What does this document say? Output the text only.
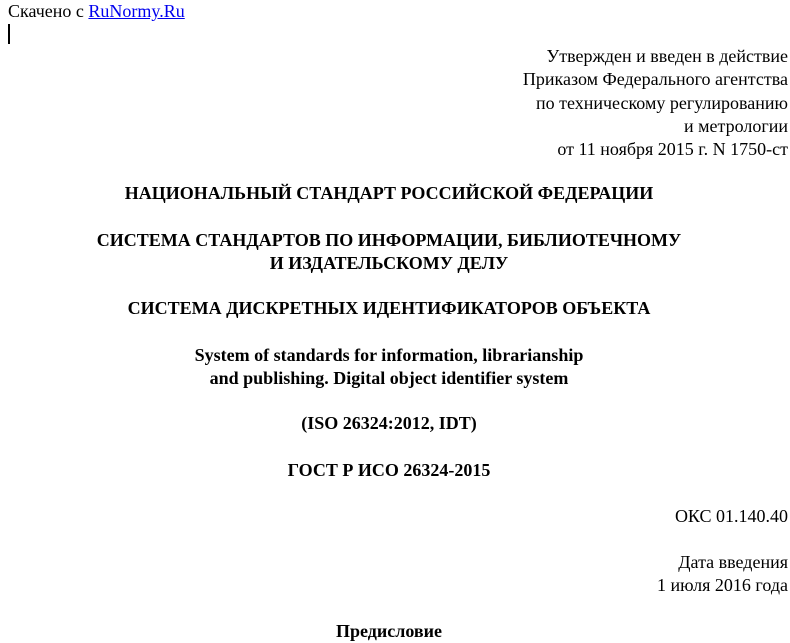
Скачено с RuNormy.Ru
Утвержден и введен в действие
Приказом Федерального агентства
по техническому регулированию
и метрологии
от 11 ноября 2015 г. N 1750-ст
НАЦИОНАЛЬНЫЙ СТАНДАРТ РОССИЙСКОЙ ФЕДЕРАЦИИ
СИСТЕМА СТАНДАРТОВ ПО ИНФОРМАЦИИ, БИБЛИОТЕЧНОМУ
И ИЗДАТЕЛЬСКОМУ ДЕЛУ
СИСТЕМА ДИСКРЕТНЫХ ИДЕНТИФИКАТОРОВ ОБЪЕКТА
System of standards for information, librarianship
and publishing. Digital object identifier system
(ISO 26324:2012, IDT)
ГОСТ Р ИСО 26324-2015
ОКС 01.140.40
Дата введения
1 июля 2016 года
Предисловие
